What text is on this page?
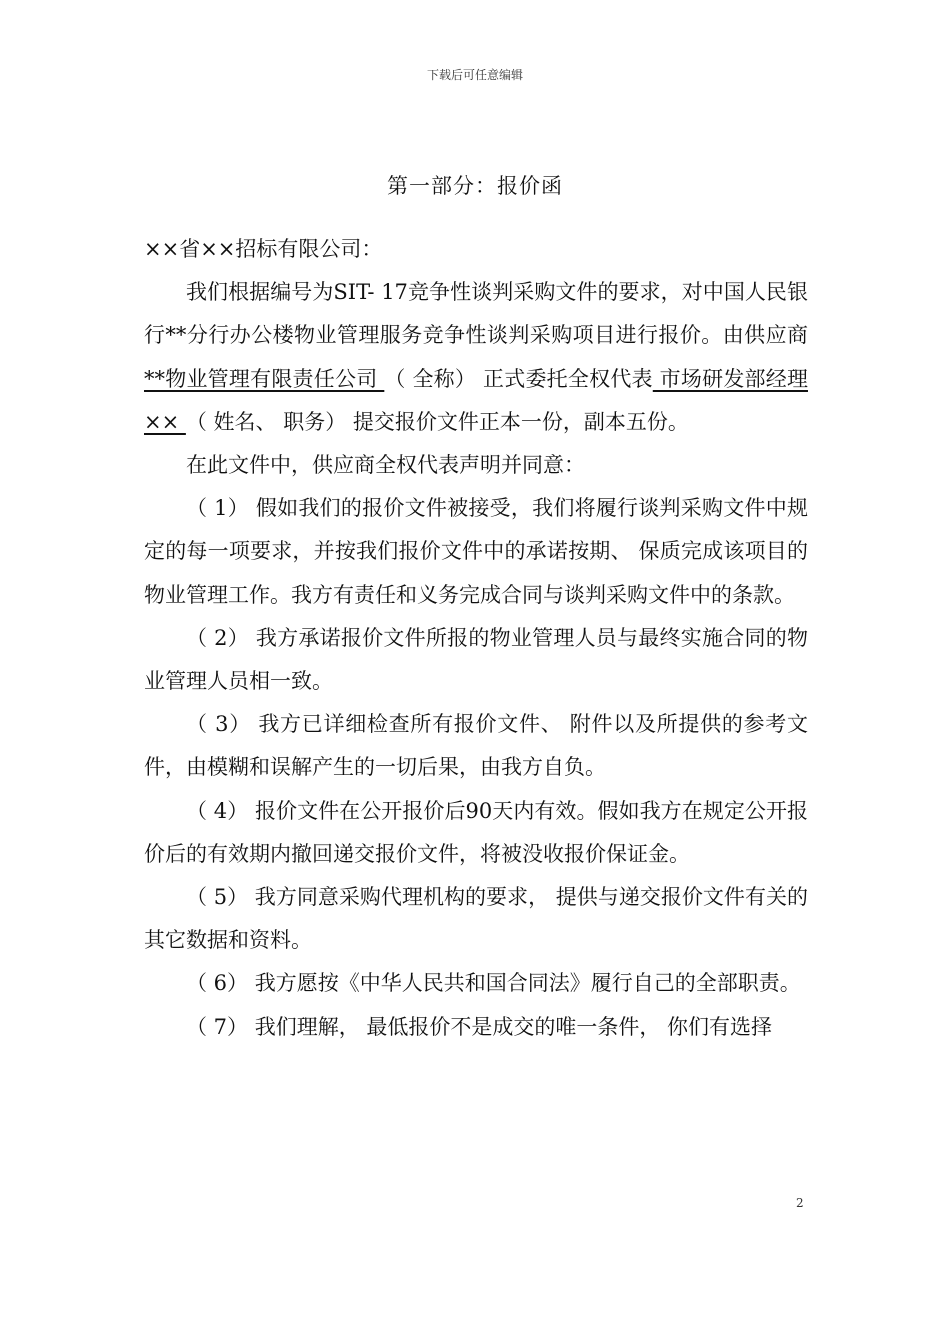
下载后可任意编辑
第一部分：报价函

××省××招标有限公司：

我们根据编号为SIT- 17竞争性谈判采购文件的要求，对中国人民银行**分行办公楼物业管理服务竞争性谈判采购项目进行报价。由供应商 **物业管理有限责任公司 （ 全称） 正式委托全权代表 市场研发部经理 ×× （ 姓名、 职务） 提交报价文件正本一份，副本五份。

在此文件中，供应商全权代表声明并同意：

（ 1） 假如我们的报价文件被接受，我们将履行谈判采购文件中规定的每一项要求，并按我们报价文件中的承诺按期、 保质完成该项目的物业管理工作。我方有责任和义务完成合同与谈判采购文件中的条款。

（ 2） 我方承诺报价文件所报的物业管理人员与最终实施合同的物业管理人员相一致。

（ 3） 我方已详细检查所有报价文件、 附件以及所提供的参考文件，由模糊和误解产生的一切后果，由我方自负。

（ 4） 报价文件在公开报价后90天内有效。假如我方在规定公开报价后的有效期内撤回递交报价文件，将被没收报价保证金。

（ 5） 我方同意采购代理机构的要求， 提供与递交报价文件有关的其它数据和资料。

（ 6） 我方愿按《中华人民共和国合同法》履行自己的全部职责。

（ 7） 我们理解， 最低报价不是成交的唯一条件， 你们有选择

2
